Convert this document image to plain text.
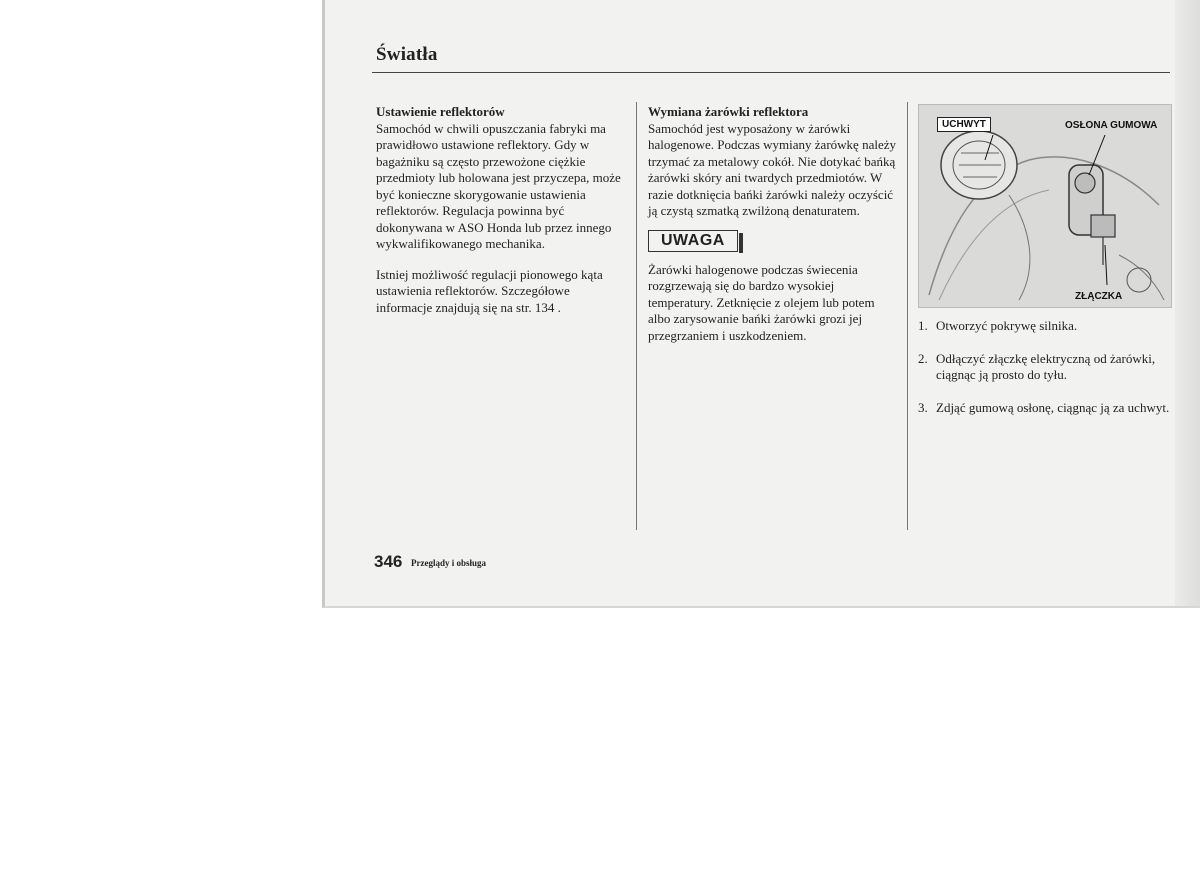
Światła
Ustawienie reflektorów

Samochód w chwili opuszczania fabryki ma prawidłowo ustawione reflektory. Gdy w bagażniku są często przewożone ciężkie przedmioty lub holowana jest przyczepa, może być konieczne skorygowanie ustawienia reflektorów. Regulacja powinna być dokonywana w ASO Honda lub przez innego wykwalifikowanego mechanika.

Istniej możliwość regulacji pionowego kąta ustawienia reflektorów. Szczegółowe informacje znajdują się na str. 134 .

Wymiana żarówki reflektora

Samochód jest wyposażony w żarówki halogenowe. Podczas wymiany żarówkę należy trzymać za metalowy cokół. Nie dotykać bańką żarówki skóry ani twardych przedmiotów. W razie dotknięcia bańki żarówki należy oczyścić ją czystą szmatką zwilżoną denaturatem.

UWAGA

Żarówki halogenowe podczas świecenia rozgrzewają się do bardzo wysokiej temperatury. Zetknięcie z olejem lub potem albo zarysowanie bańki żarówki grozi jej przegrzaniem i uszkodzeniem.

UCHWYT	OSŁONA GUMOWA
ZŁĄCZKA
1. Otworzyć pokrywę silnika.
2. Odłączyć złączkę elektryczną od żarówki, ciągnąc ją prosto do tyłu.
3. Zdjąć gumową osłonę, ciągnąc ją za uchwyt.
346 Przeglądy i obsługa
